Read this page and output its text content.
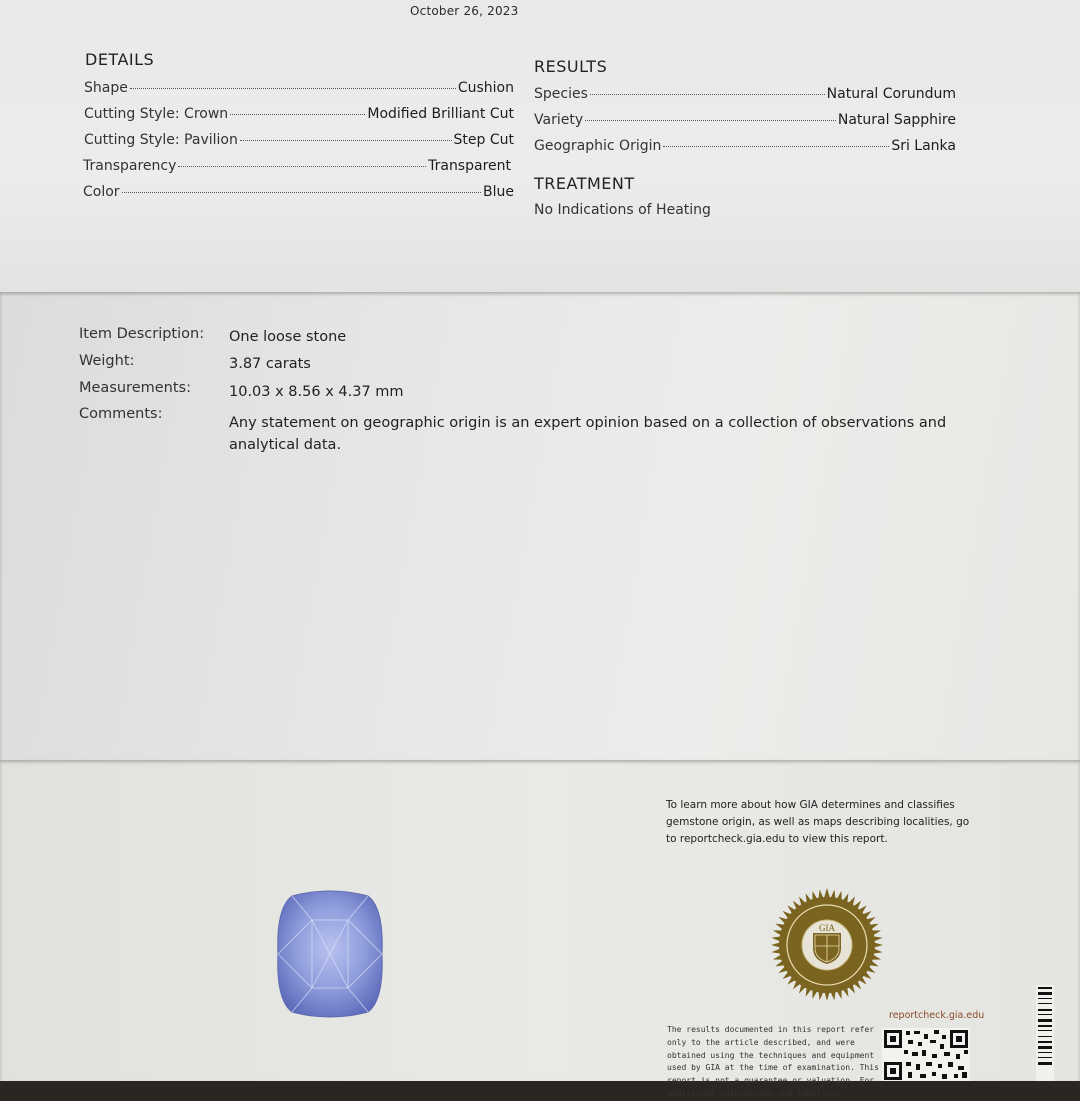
October 26, 2023
DETAILS
Shape	Cushion
Cutting Style: Crown	Modified Brilliant Cut
Cutting Style: Pavilion	Step Cut
Transparency	Transparent
Color	Blue
RESULTS
Species	Natural Corundum
Variety	Natural Sapphire
Geographic Origin	Sri Lanka
TREATMENT
No Indications of Heating
Item Description: One loose stone
Weight:	3.87 carats
Measurements:	10.03 x 8.56 x 4.37 mm
Comments:
Any statement on geographic origin is an expert opinion based on a collection of observations and analytical data.
To learn more about how GIA determines and classifies gemstone origin, as well as maps describing localities, go to reportcheck.gia.edu to view this report.
GIA
reportcheck.gia.edu
The results documented in this report refer only to the article described, and were obtained using the techniques and equipment used by GIA at the time of examination. This report is not a guarantee or valuation. For additional information and important
